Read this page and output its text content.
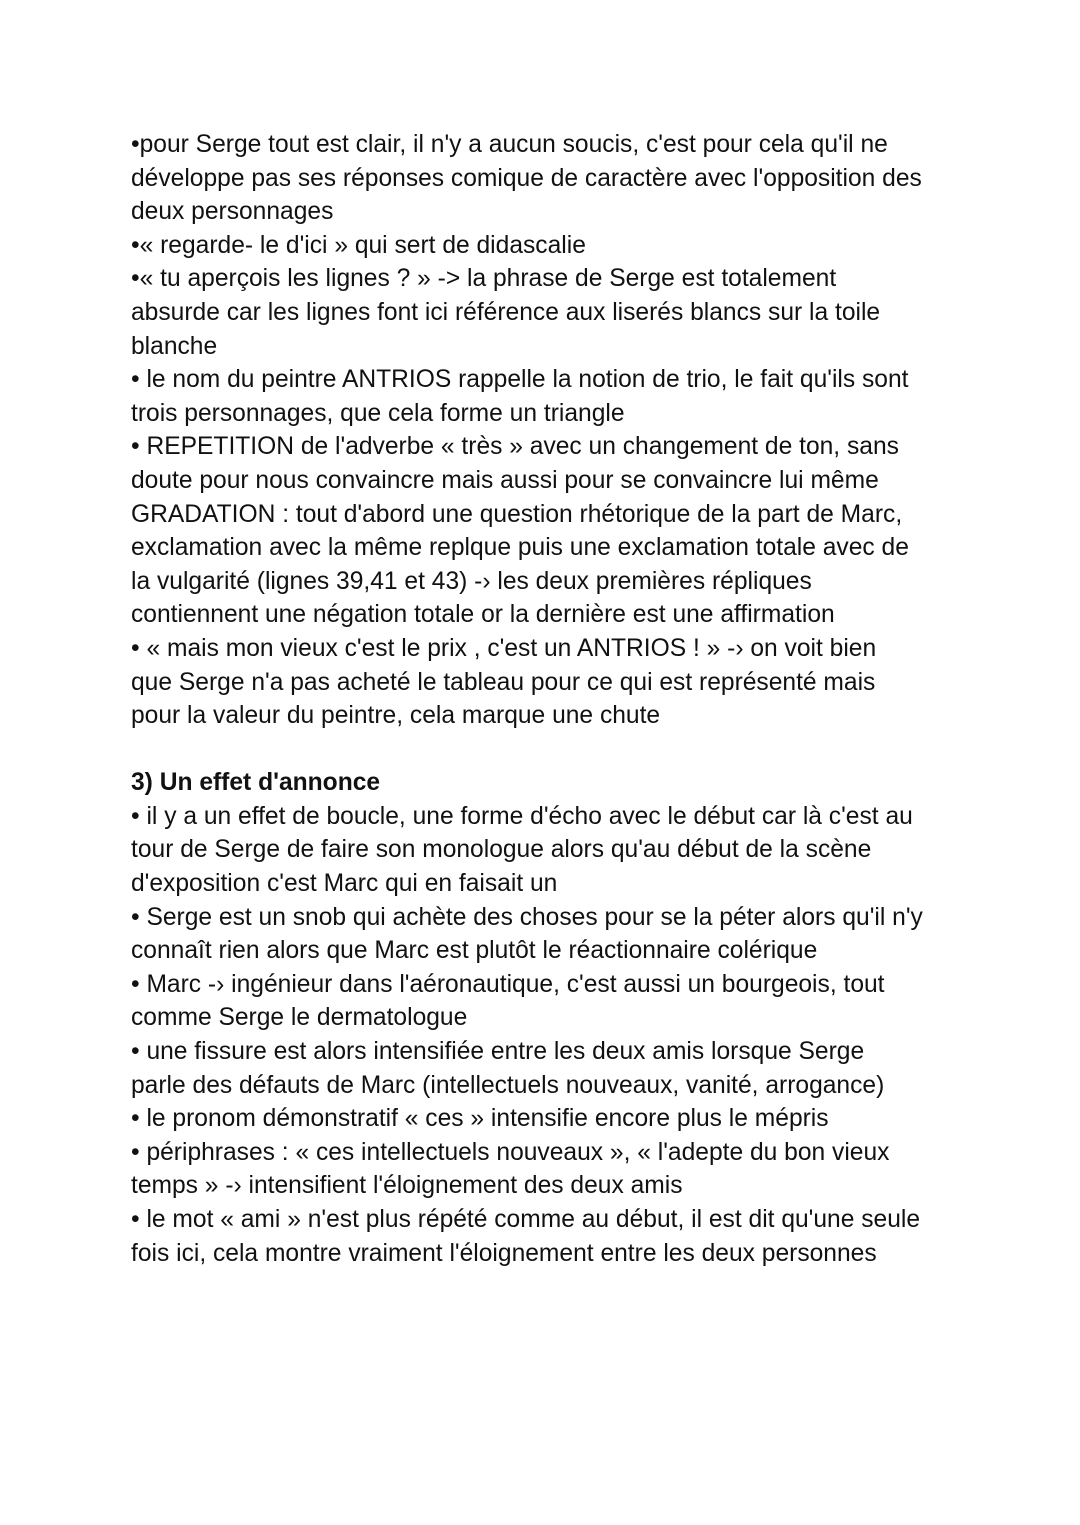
•pour Serge tout est clair, il n'y a aucun soucis, c'est pour cela qu'il ne
développe pas ses réponses comique de caractère avec l'opposition des
deux personnages
•« regarde- le d'ici » qui sert de didascalie
•« tu aperçois les lignes ? » -> la phrase de Serge est totalement
absurde car les lignes font ici référence aux liserés blancs sur la toile
blanche
• le nom du peintre ANTRIOS rappelle la notion de trio, le fait qu'ils sont
trois personnages, que cela forme un triangle
• REPETITION de l'adverbe « très » avec un changement de ton, sans
doute pour nous convaincre mais aussi pour se convaincre lui même
GRADATION : tout d'abord une question rhétorique de la part de Marc,
exclamation avec la même replque puis une exclamation totale avec de
la vulgarité (lignes 39,41 et 43) -› les deux premières répliques
contiennent une négation totale or la dernière est une affirmation
• « mais mon vieux c'est le prix , c'est un ANTRIOS ! » -› on voit bien
que Serge n'a pas acheté le tableau pour ce qui est représenté mais
pour la valeur du peintre, cela marque une chute
3) Un effet d'annonce
• il y a un effet de boucle, une forme d'écho avec le début car là c'est au
tour de Serge de faire son monologue alors qu'au début de la scène
d'exposition c'est Marc qui en faisait un
• Serge est un snob qui achète des choses pour se la péter alors qu'il n'y
connaît rien alors que Marc est plutôt le réactionnaire colérique
• Marc -› ingénieur dans l'aéronautique, c'est aussi un bourgeois, tout
comme Serge le dermatologue
• une fissure est alors intensifiée entre les deux amis lorsque Serge
parle des défauts de Marc (intellectuels nouveaux, vanité, arrogance)
• le pronom démonstratif « ces » intensifie encore plus le mépris
• périphrases : « ces intellectuels nouveaux », « l'adepte du bon vieux
temps » -› intensifient l'éloignement des deux amis
• le mot « ami » n'est plus répété comme au début, il est dit qu'une seule
fois ici, cela montre vraiment l'éloignement entre les deux personnes
